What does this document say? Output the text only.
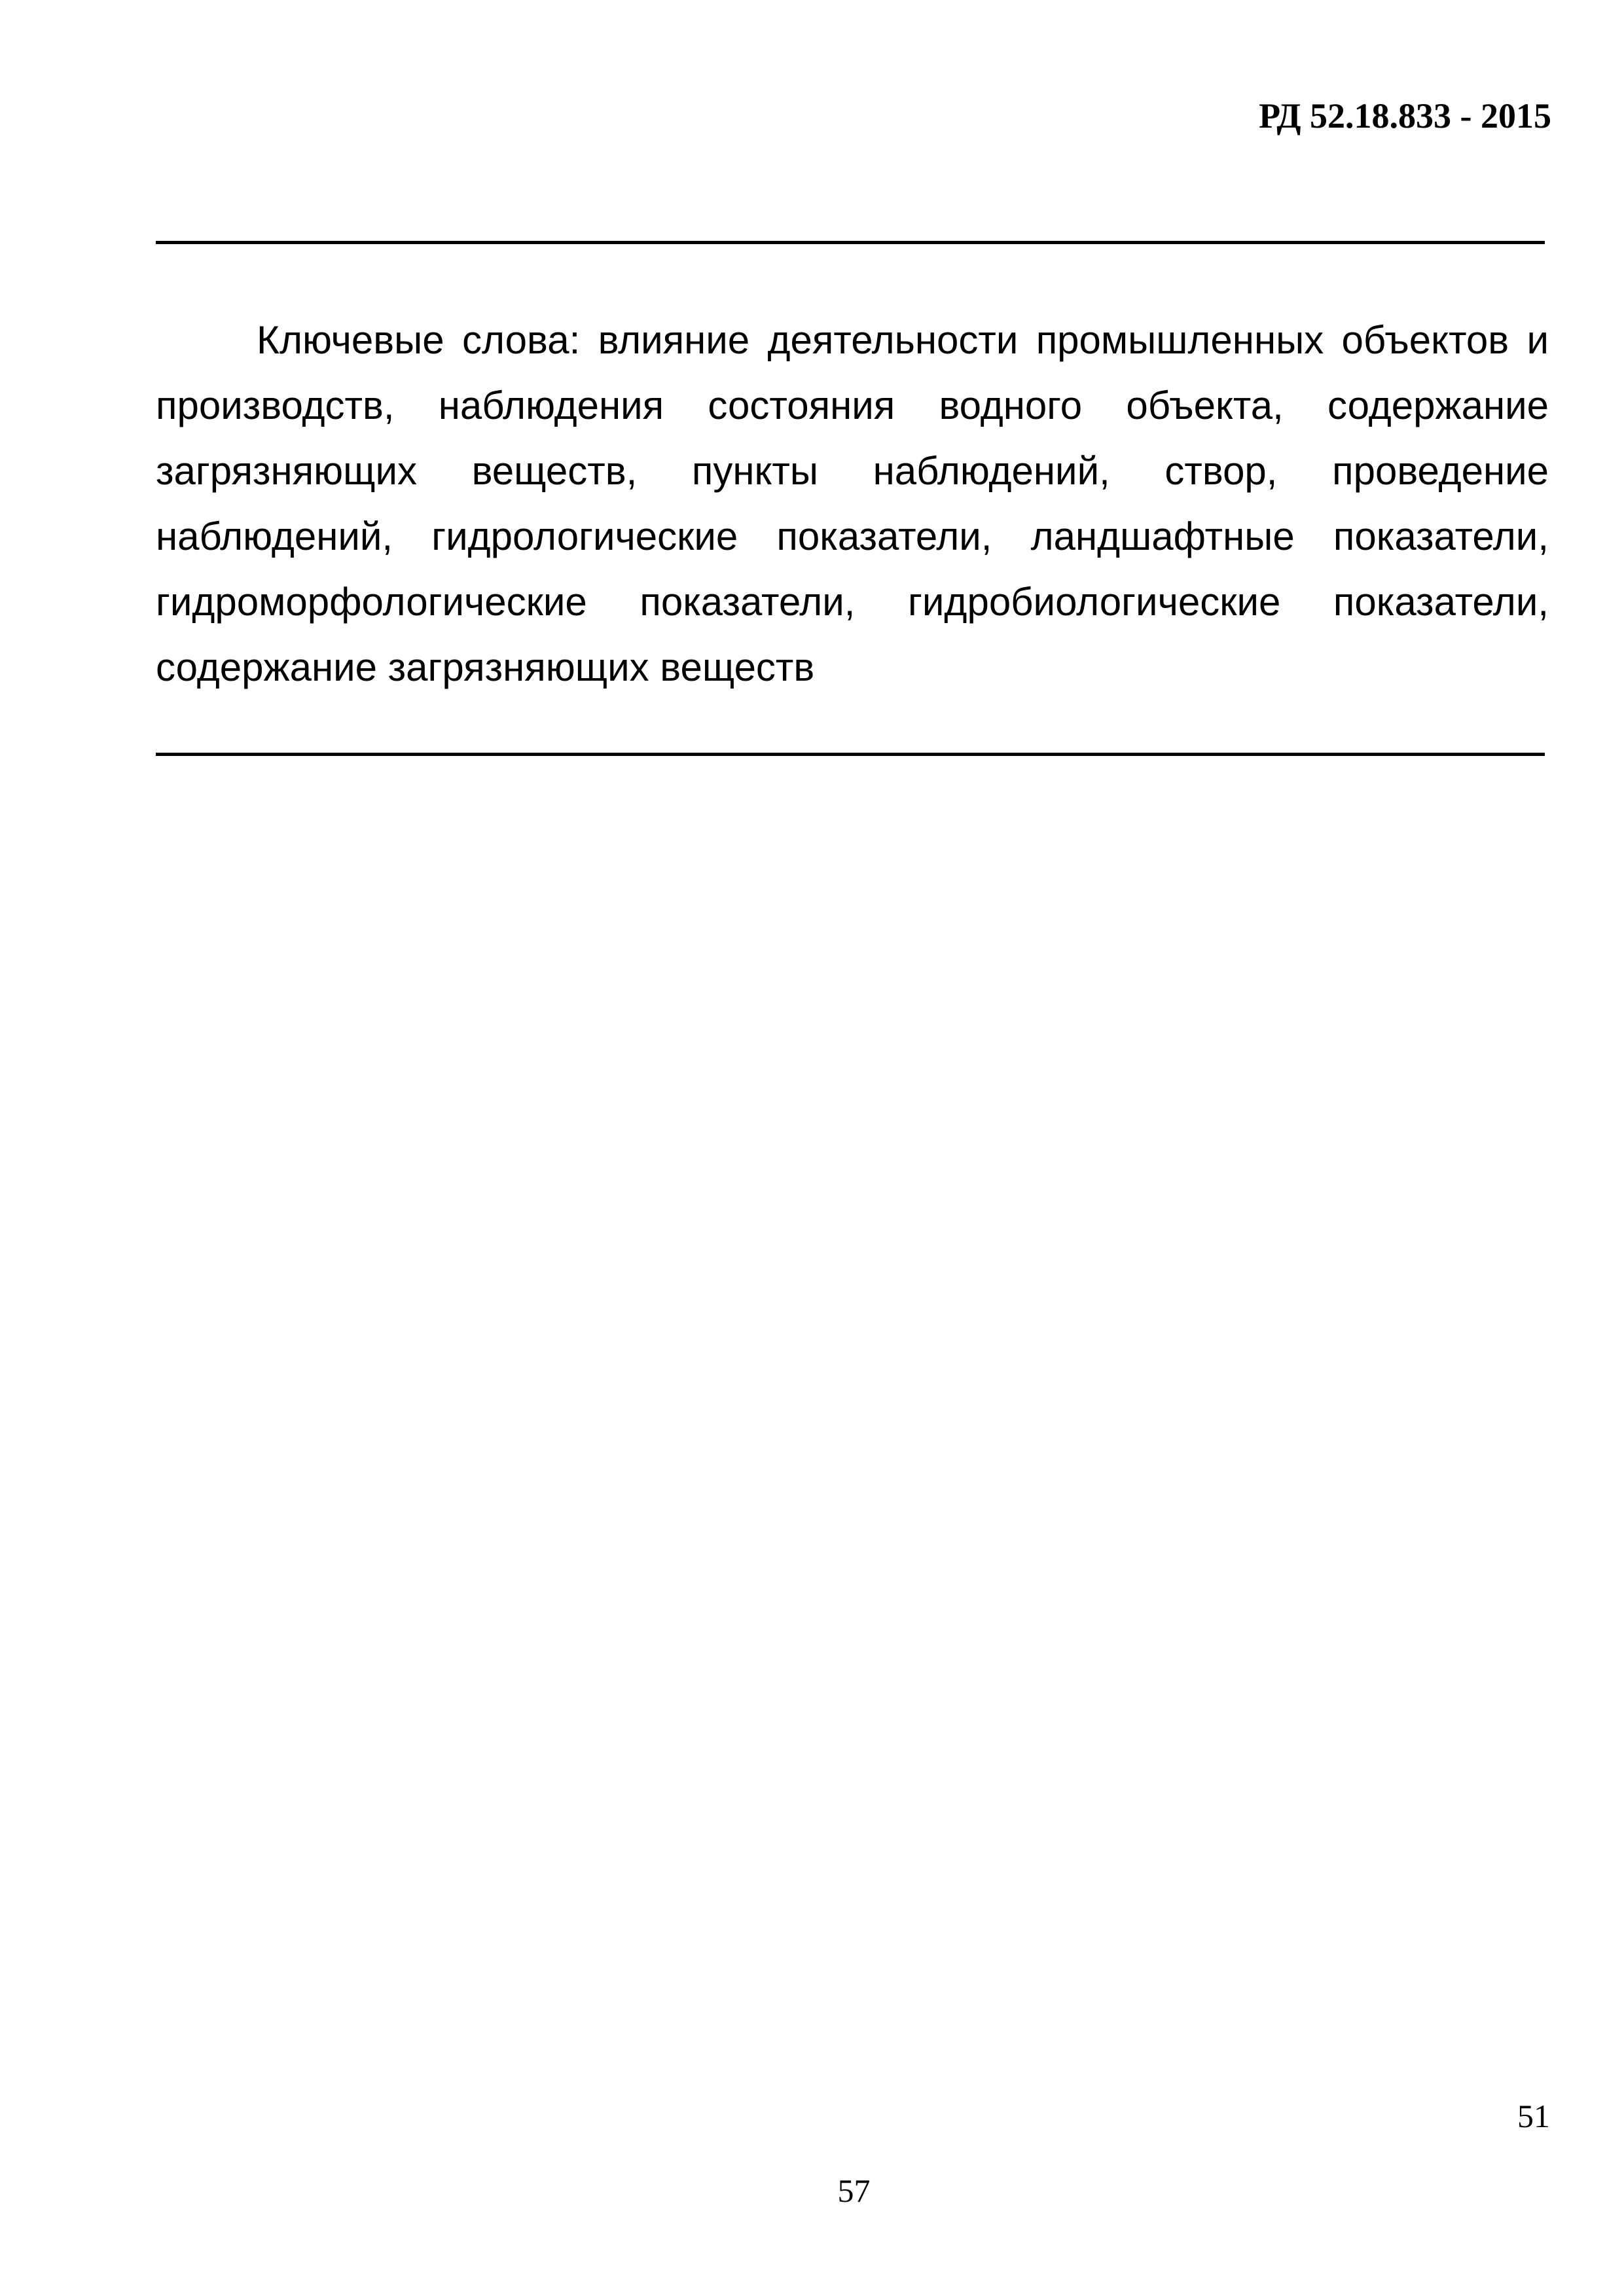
РД 52.18.833 - 2015
Ключевые слова: влияние деятельности промышленных объектов и
производств, наблюдения состояния водного объекта, содержание
загрязняющих веществ, пункты наблюдений, створ, проведение
наблюдений, гидрологические показатели, ландшафтные показатели,
гидроморфологические показатели, гидробиологические показатели,
содержание загрязняющих веществ
51
57
